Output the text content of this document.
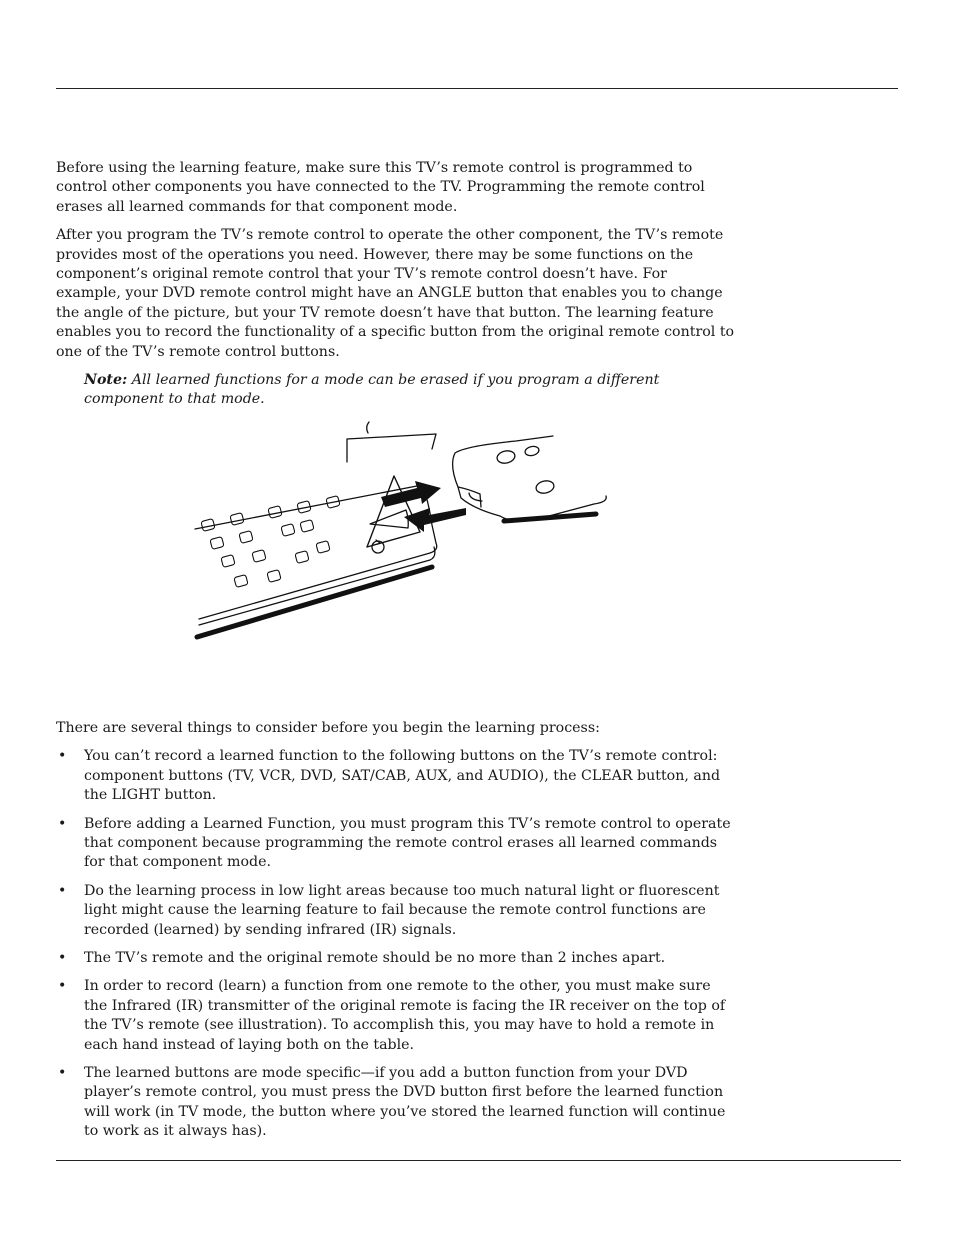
Before using the learning feature, make sure this TV’s remote control is programmed to control other components you have connected to the TV. Programming the remote control erases all learned commands for that component mode.

After you program the TV’s remote control to operate the other component, the TV’s remote provides most of the operations you need. However, there may be some functions on the component’s original remote control that your TV’s remote control doesn’t have. For example, your DVD remote control might have an ANGLE button that enables you to change the angle of the picture, but your TV remote doesn’t have that button. The learning feature enables you to record the functionality of a specific button from the original remote control to one of the TV’s remote control buttons.

Note: All learned functions for a mode can be erased if you program a different component to that mode.

There are several things to consider before you begin the learning process:

• You can’t record a learned function to the following buttons on the TV’s remote control: component buttons (TV, VCR, DVD, SAT/CAB, AUX, and AUDIO), the CLEAR button, and the LIGHT button.
• Before adding a Learned Function, you must program this TV’s remote control to operate that component because programming the remote control erases all learned commands for that component mode.
• Do the learning process in low light areas because too much natural light or fluorescent light might cause the learning feature to fail because the remote control functions are recorded (learned) by sending infrared (IR) signals.
• The TV’s remote and the original remote should be no more than 2 inches apart.
• In order to record (learn) a function from one remote to the other, you must make sure the Infrared (IR) transmitter of the original remote is facing the IR receiver on the top of the TV’s remote (see illustration). To accomplish this, you may have to hold a remote in each hand instead of laying both on the table.
• The learned buttons are mode specific—if you add a button function from your DVD player’s remote control, you must press the DVD button first before the learned function will work (in TV mode, the button where you’ve stored the learned function will continue to work as it always has).
